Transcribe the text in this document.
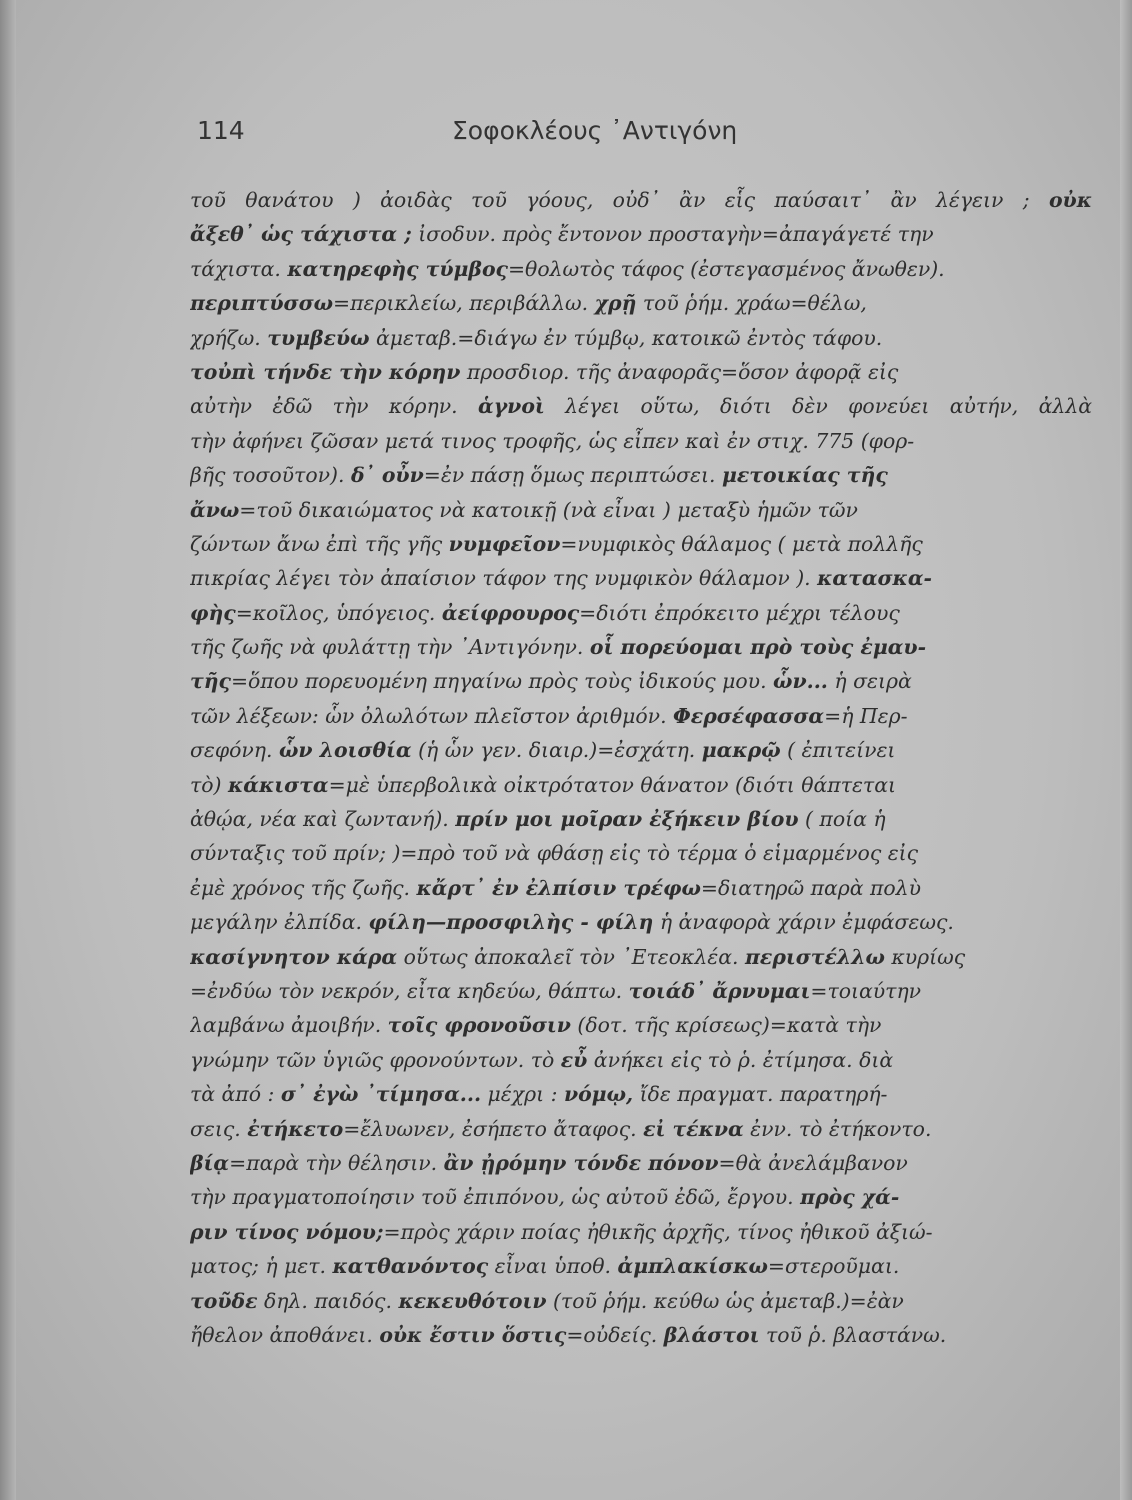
114	Σοφοκλέους ᾿Αντιγόνη
τοῦ θανάτου ) ἀοιδὰς τοῦ γόους, οὐδ᾿ ἂν εἷς παύσαιτ᾿ ἂν λέγειν ; οὐκ
ἄξεθ᾿ ὡς τάχιστα ; ἰσοδυν. πρὸς ἔντονον προσταγὴν=ἀπαγάγετέ την
τάχιστα. κατηρεφὴς τύμβος=θολωτὸς τάφος (ἐστεγασμένος ἄνωθεν).
περιπτύσσω=περικλείω, περιβάλλω. χρῇ τοῦ ῥήμ. χράω=θέλω,
χρήζω. τυμβεύω ἀμεταβ.=διάγω ἐν τύμβῳ, κατοικῶ ἐντὸς τάφου.
τοὐπὶ τήνδε τὴν κόρην προσδιορ. τῆς ἀναφορᾶς=ὅσον ἀφορᾷ εἰς
αὐτὴν ἐδῶ τὴν κόρην. ἁγνοὶ λέγει οὕτω, διότι δὲν φονεύει αὐτήν, ἀλλὰ
τὴν ἀφήνει ζῶσαν μετά τινος τροφῆς, ὡς εἶπεν καὶ ἐν στιχ. 775 (φορ-
βῆς τοσοῦτον). δ᾿ οὖν=ἐν πάσῃ ὅμως περιπτώσει. μετοικίας τῆς
ἄνω=τοῦ δικαιώματος νὰ κατοικῇ (νὰ εἶναι ) μεταξὺ ἡμῶν τῶν
ζώντων ἄνω ἐπὶ τῆς γῆς νυμφεῖον=νυμφικὸς θάλαμος ( μετὰ πολλῆς
πικρίας λέγει τὸν ἀπαίσιον τάφον της νυμφικὸν θάλαμον ). κατασκα-
φὴς=κοῖλος, ὑπόγειος. ἀείφρουρος=διότι ἐπρόκειτο μέχρι τέλους
τῆς ζωῆς νὰ φυλάττῃ τὴν ᾿Αντιγόνην. οἷ πορεύομαι πρὸ τοὺς ἐμαυ-
τῆς=ὅπου πορευομένη πηγαίνω πρὸς τοὺς ἰδικούς μου. ὧν... ἡ σειρὰ
τῶν λέξεων: ὧν ὀλωλότων πλεῖστον ἀριθμόν. Φερσέφασσα=ἡ Περ-
σεφόνη. ὧν λοισθία (ἡ ὧν γεν. διαιρ.)=ἐσχάτη. μακρῷ ( ἐπιτείνει
τὸ) κάκιστα=μὲ ὑπερβολικὰ οἰκτρότατον θάνατον (διότι θάπτεται
ἀθῴα, νέα καὶ ζωντανή). πρίν μοι μοῖραν ἐξήκειν βίου ( ποία ἡ
σύνταξις τοῦ πρίν; )=πρὸ τοῦ νὰ φθάσῃ εἰς τὸ τέρμα ὁ εἱμαρμένος εἰς
ἐμὲ χρόνος τῆς ζωῆς. κἄρτ᾿ ἐν ἐλπίσιν τρέφω=διατηρῶ παρὰ πολὺ
μεγάλην ἐλπίδα. φίλη—προσφιλὴς - φίλη ἡ ἀναφορὰ χάριν ἐμφάσεως.
κασίγνητον κάρα οὕτως ἀποκαλεῖ τὸν ᾿Ετεοκλέα. περιστέλλω κυρίως
=ἐνδύω τὸν νεκρόν, εἶτα κηδεύω, θάπτω. τοιάδ᾿ ἄρνυμαι=τοιαύτην
λαμβάνω ἀμοιβήν. τοῖς φρονοῦσιν (δοτ. τῆς κρίσεως)=κατὰ τὴν
γνώμην τῶν ὑγιῶς φρονούντων. τὸ εὖ ἀνήκει εἰς τὸ ῥ. ἐτίμησα. διὰ
τὰ ἀπό : σ᾿ ἐγὼ ᾿τίμησα... μέχρι : νόμῳ, ἴδε πραγματ. παρατηρή-
σεις. ἐτήκετο=ἔλυωνεν, ἐσήπετο ἄταφος. εἰ τέκνα ἐνν. τὸ ἐτήκοντο.
βίᾳ=παρὰ τὴν θέλησιν. ἂν ᾐρόμην τόνδε πόνον=θὰ ἀνελάμβανον
τὴν πραγματοποίησιν τοῦ ἐπιπόνου, ὡς αὐτοῦ ἐδῶ, ἔργου. πρὸς χά-
ριν τίνος νόμου;=πρὸς χάριν ποίας ἠθικῆς ἀρχῆς, τίνος ἠθικοῦ ἀξιώ-
ματος; ἡ μετ. κατθανόντος εἶναι ὑποθ. ἀμπλακίσκω=στεροῦμαι.
τοῦδε δηλ. παιδός. κεκευθότοιν (τοῦ ῥήμ. κεύθω ὡς ἀμεταβ.)=ἐὰν
ἤθελον ἀποθάνει. οὐκ ἔστιν ὅστις=οὐδείς. βλάστοι τοῦ ῥ. βλαστάνω.
